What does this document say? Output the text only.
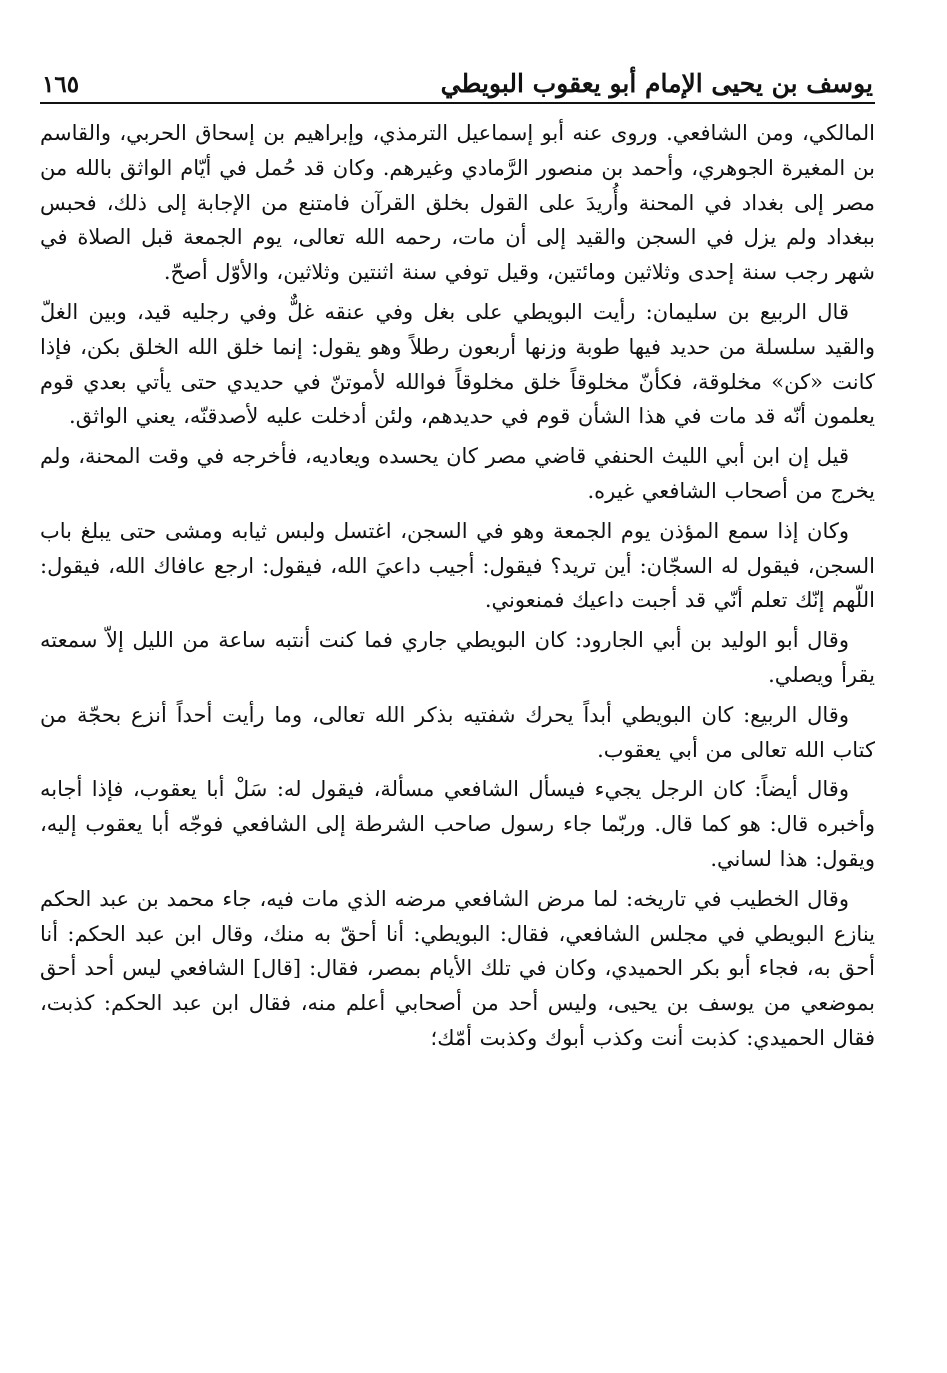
يوسف بن يحيى الإمام أبو يعقوب البويطي
١٦٥

المالكي، ومن الشافعي. وروى عنه أبو إسماعيل الترمذي، وإبراهيم بن إسحاق الحربي، والقاسم بن المغيرة الجوهري، وأحمد بن منصور الرَّمادي وغيرهم. وكان قد حُمل في أيّام الواثق بالله من مصر إلى بغداد في المحنة وأُريدَ على القول بخلق القرآن فامتنع من الإجابة إلى ذلك، فحبس ببغداد ولم يزل في السجن والقيد إلى أن مات، رحمه الله تعالى، يوم الجمعة قبل الصلاة في شهر رجب سنة إحدى وثلاثين ومائتين، وقيل توفي سنة اثنتين وثلاثين، والأوّل أصحّ.

قال الربيع بن سليمان: رأيت البويطي على بغل وفي عنقه غلٌّ وفي رجليه قيد، وبين الغلّ والقيد سلسلة من حديد فيها طوبة وزنها أربعون رطلاً وهو يقول: إنما خلق الله الخلق بكن، فإذا كانت «كن» مخلوقة، فكأنّ مخلوقاً خلق مخلوقاً فوالله لأموتنّ في حديدي حتى يأتي بعدي قوم يعلمون أنّه قد مات في هذا الشأن قوم في حديدهم، ولئن أدخلت عليه لأصدقنّه، يعني الواثق.

قيل إن ابن أبي الليث الحنفي قاضي مصر كان يحسده ويعاديه، فأخرجه في وقت المحنة، ولم يخرج من أصحاب الشافعي غيره.

وكان إذا سمع المؤذن يوم الجمعة وهو في السجن، اغتسل ولبس ثيابه ومشى حتى يبلغ باب السجن، فيقول له السجّان: أين تريد؟ فيقول: أجيب داعيَ الله، فيقول: ارجع عافاك الله، فيقول: اللّهم إنّك تعلم أنّي قد أجبت داعيك فمنعوني.

وقال أبو الوليد بن أبي الجارود: كان البويطي جاري فما كنت أنتبه ساعة من الليل إلاّ سمعته يقرأ ويصلي.

وقال الربيع: كان البويطي أبداً يحرك شفتيه بذكر الله تعالى، وما رأيت أحداً أنزع بحجّة من كتاب الله تعالى من أبي يعقوب.

وقال أيضاً: كان الرجل يجيء فيسأل الشافعي مسألة، فيقول له: سَلْ أبا يعقوب، فإذا أجابه وأخبره قال: هو كما قال. وربّما جاء رسول صاحب الشرطة إلى الشافعي فوجّه أبا يعقوب إليه، ويقول: هذا لساني.

وقال الخطيب في تاريخه: لما مرض الشافعي مرضه الذي مات فيه، جاء محمد بن عبد الحكم ينازع البويطي في مجلس الشافعي، فقال: البويطي: أنا أحقّ به منك، وقال ابن عبد الحكم: أنا أحق به، فجاء أبو بكر الحميدي، وكان في تلك الأيام بمصر، فقال: [قال] الشافعي ليس أحد أحق بموضعي من يوسف بن يحيى، وليس أحد من أصحابي أعلم منه، فقال ابن عبد الحكم: كذبت، فقال الحميدي: كذبت أنت وكذب أبوك وكذبت أمّك؛
